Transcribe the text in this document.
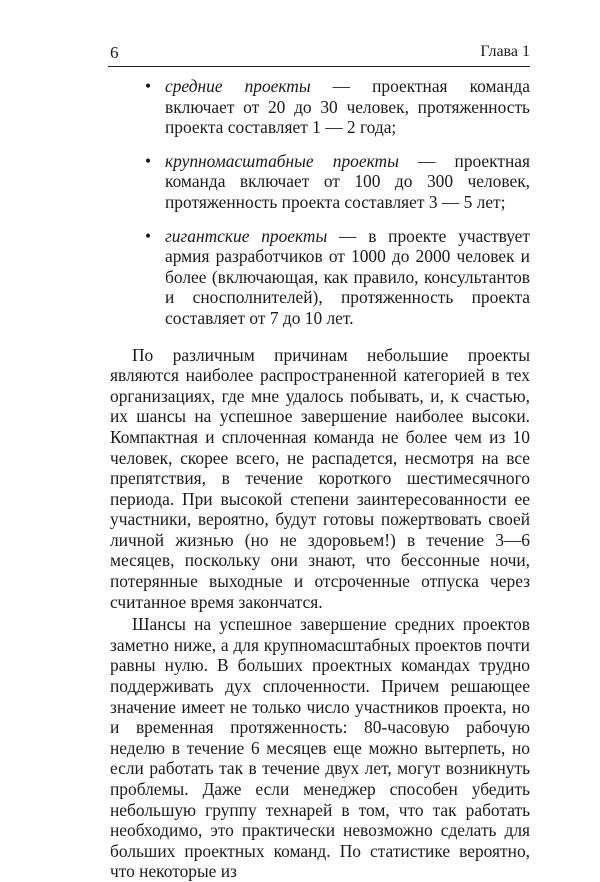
6	Глава 1
• средние проекты — проектная команда включает от 20 до 30 человек, протяженность проекта составляет 1 — 2 года;
• крупномасштабные проекты — проектная команда включает от 100 до 300 человек, протяженность проекта составляет 3 — 5 лет;
• гигантские проекты — в проекте участвует армия разработчиков от 1000 до 2000 человек и более (включающая, как правило, консультантов и сносполнителей), протяженность проекта составляет от 7 до 10 лет.

По различным причинам небольшие проекты являются наиболее распространенной категорией в тех организациях, где мне удалось побывать, и, к счастью, их шансы на успешное завершение наиболее высоки. Компактная и сплоченная команда не более чем из 10 человек, скорее всего, не распадется, несмотря на все препятствия, в течение короткого шестимесячного периода. При высокой степени заинтересованности ее участники, вероятно, будут готовы пожертвовать своей личной жизнью (но не здоровьем!) в течение 3—6 месяцев, поскольку они знают, что бессонные ночи, потерянные выходные и отсроченные отпуска через считанное время закончатся.

Шансы на успешное завершение средних проектов заметно ниже, а для крупномасштабных проектов почти равны нулю. В больших проектных командах трудно поддерживать дух сплоченности. Причем решающее значение имеет не только число участников проекта, но и временная протяженность: 80-часовую рабочую неделю в течение 6 месяцев еще можно вытерпеть, но если работать так в течение двух лет, могут возникнуть проблемы. Даже если менеджер способен убедить небольшую группу технарей в том, что так работать необходимо, это практически невозможно сделать для больших проектных команд. По статистике вероятно, что некоторые из
